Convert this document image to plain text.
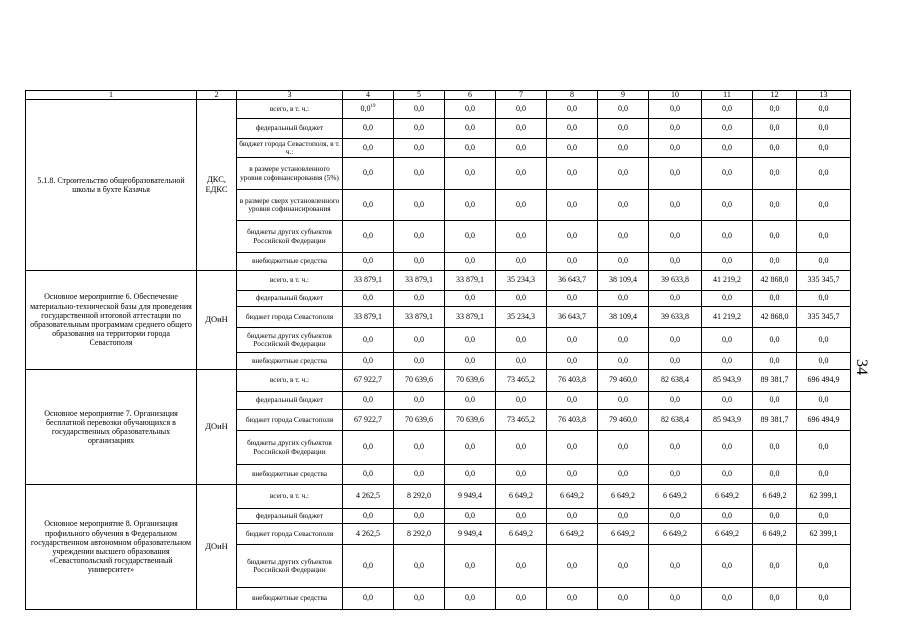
1	2	3	4	5	6	7	8	9	10	11	12	13
5.1.8. Строительство общеобразовательной школы в бухте Казачья	ДКС, ЕДКС	всего, в т. ч.:	$0,0^{19}$	0,0	0,0	0,0	0,0	0,0	0,0	0,0	0,0	0,0
		федеральный бюджет	0,0	0,0	0,0	0,0	0,0	0,0	0,0	0,0	0,0	0,0
		бюджет города Севастополя, в т. ч.:	0,0	0,0	0,0	0,0	0,0	0,0	0,0	0,0	0,0	0,0
		в размере установленного уровня софинансирования (5%)	0,0	0,0	0,0	0,0	0,0	0,0	0,0	0,0	0,0	0,0
		в размере сверх установленного уровня софинансирования	0,0	0,0	0,0	0,0	0,0	0,0	0,0	0,0	0,0	0,0
		бюджеты других субъектов Российской Федерации	0,0	0,0	0,0	0,0	0,0	0,0	0,0	0,0	0,0	0,0
		внебюджетные средства	0,0	0,0	0,0	0,0	0,0	0,0	0,0	0,0	0,0	0,0
Основное мероприятие 6. Обеспечение материально-технической базы для проведения государственной итоговой аттестации по образовательным программам среднего общего образования на территории города Севастополя	ДОиН	всего, в т. ч.:	33 879,1	33 879,1	33 879,1	35 234,3	36 643,7	38 109,4	39 633,8	41 219,2	42 868,0	335 345,7
		федеральный бюджет	0,0	0,0	0,0	0,0	0,0	0,0	0,0	0,0	0,0	0,0
		бюджет города Севастополя	33 879,1	33 879,1	33 879,1	35 234,3	36 643,7	38 109,4	39 633,8	41 219,2	42 868,0	335 345,7
		бюджеты других субъектов Российской Федерации	0,0	0,0	0,0	0,0	0,0	0,0	0,0	0,0	0,0	0,0
		внебюджетные средства	0,0	0,0	0,0	0,0	0,0	0,0	0,0	0,0	0,0	0,0
Основное мероприятие 7. Организация бесплатной перевозки обучающихся в государственных образовательных организациях	ДОиН	всего, в т. ч.:	67 922,7	70 639,6	70 639,6	73 465,2	76 403,8	79 460,0	82 638,4	85 943,9	89 381,7	696 494,9
		федеральный бюджет	0,0	0,0	0,0	0,0	0,0	0,0	0,0	0,0	0,0	0,0
		бюджет города Севастополя	67 922,7	70 639,6	70 639,6	73 465,2	76 403,8	79 460,0	82 638,4	85 943,9	89 381,7	696 494,9
		бюджеты других субъектов Российской Федерации	0,0	0,0	0,0	0,0	0,0	0,0	0,0	0,0	0,0	0,0
		внебюджетные средства	0,0	0,0	0,0	0,0	0,0	0,0	0,0	0,0	0,0	0,0
Основное мероприятие 8. Организация профильного обучения в Федеральном государственном автономном образовательном учреждении высшего образования «Севастопольский государственный университет»	ДОиН	всего, в т. ч.:	4 262,5	8 292,0	9 949,4	6 649,2	6 649,2	6 649,2	6 649,2	6 649,2	6 649,2	62 399,1
		федеральный бюджет	0,0	0,0	0,0	0,0	0,0	0,0	0,0	0,0	0,0	0,0
		бюджет города Севастополя	4 262,5	8 292,0	9 949,4	6 649,2	6 649,2	6 649,2	6 649,2	6 649,2	6 649,2	62 399,1
		бюджеты других субъектов Российской Федерации	0,0	0,0	0,0	0,0	0,0	0,0	0,0	0,0	0,0	0,0
		внебюджетные средства	0,0	0,0	0,0	0,0	0,0	0,0	0,0	0,0	0,0	0,0
34
